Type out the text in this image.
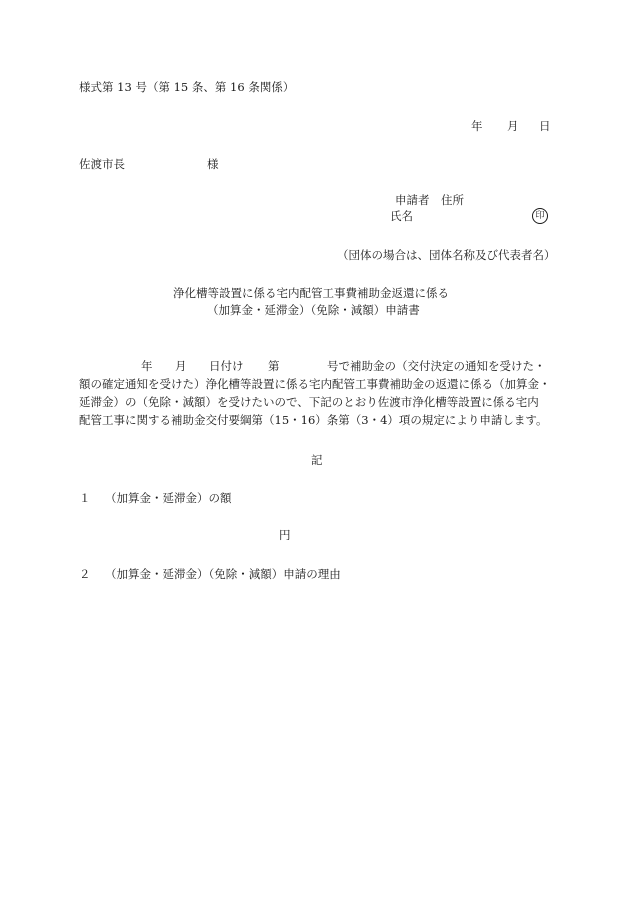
様式第 13 号（第 15 条、第 16 条関係）
年 月 日
佐渡市長	様
申請者 住所
氏名	印
（団体の場合は、団体名称及び代表者名）
浄化槽等設置に係る宅内配管工事費補助金返還に係る
（加算金・延滞金）（免除・減額）申請書
年 月 日付け 第	号で補助金の（交付決定の通知を受けた・
額の確定通知を受けた）浄化槽等設置に係る宅内配管工事費補助金の返還に係る（加算金・
延滞金）の（免除・減額）を受けたいので、下記のとおり佐渡市浄化槽等設置に係る宅内
配管工事に関する補助金交付要綱第（15・16）条第（3・4）項の規定により申請します。
記
１ （加算金・延滞金）の額
円
２ （加算金・延滞金）（免除・減額）申請の理由
